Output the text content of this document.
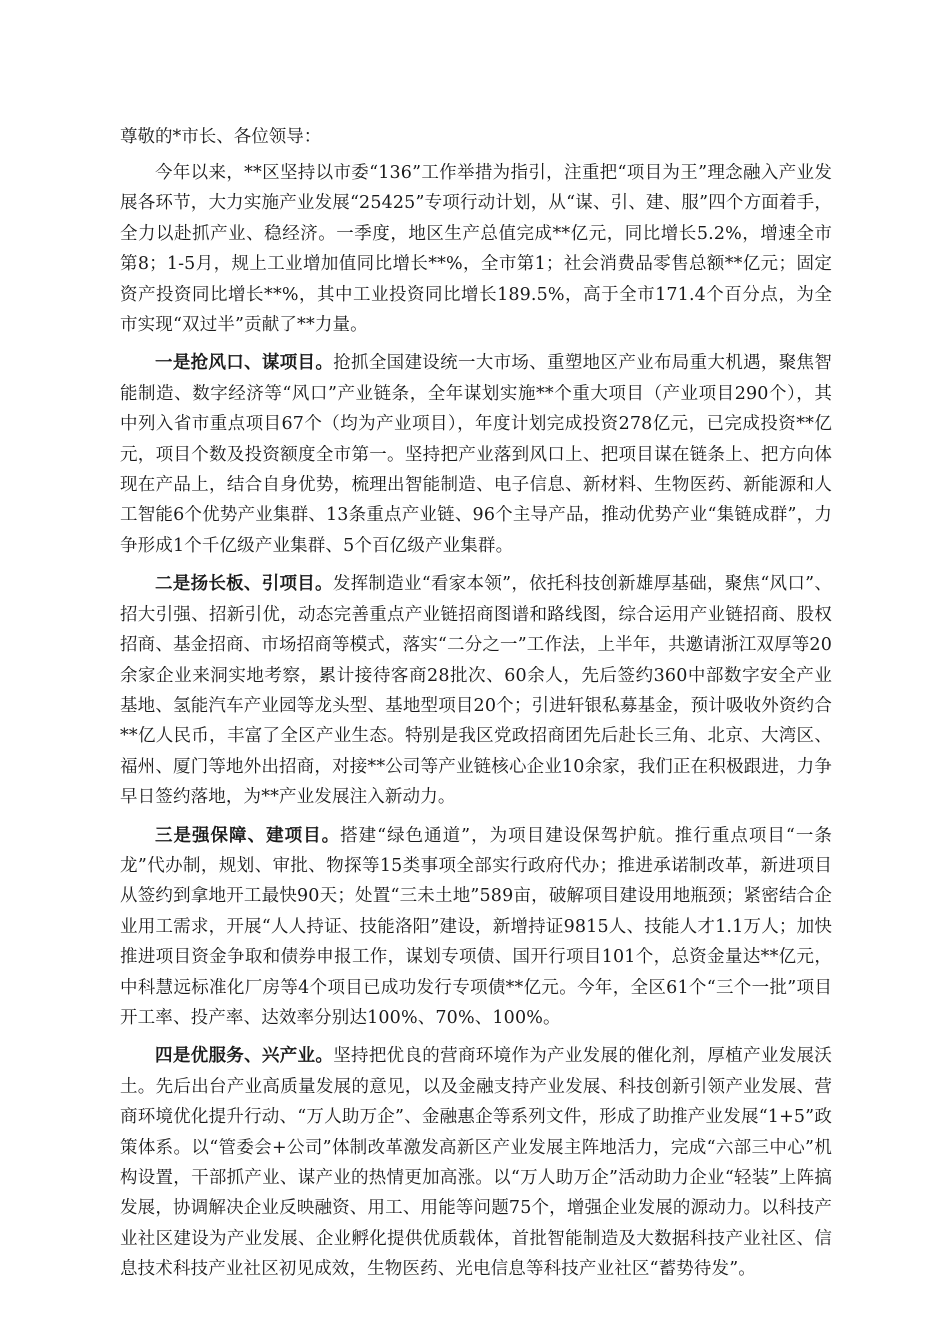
尊敬的*市长、各位领导：

今年以来，**区坚持以市委“136”工作举措为指引，注重把“项目为王”理念融入产业发展各环节，大力实施产业发展“25425”专项行动计划，从“谋、引、建、服”四个方面着手，全力以赴抓产业、稳经济。一季度，地区生产总值完成**亿元，同比增长5.2%，增速全市第8；1-5月，规上工业增加值同比增长**%，全市第1；社会消费品零售总额**亿元；固定资产投资同比增长**%，其中工业投资同比增长189.5%，高于全市171.4个百分点，为全市实现“双过半”贡献了**力量。

一是抢风口、谋项目。抢抓全国建设统一大市场、重塑地区产业布局重大机遇，聚焦智能制造、数字经济等“风口”产业链条，全年谋划实施**个重大项目（产业项目290个），其中列入省市重点项目67个（均为产业项目），年度计划完成投资278亿元，已完成投资**亿元，项目个数及投资额度全市第一。坚持把产业落到风口上、把项目谋在链条上、把方向体现在产品上，结合自身优势，梳理出智能制造、电子信息、新材料、生物医药、新能源和人工智能6个优势产业集群、13条重点产业链、96个主导产品，推动优势产业“集链成群”，力争形成1个千亿级产业集群、5个百亿级产业集群。

二是扬长板、引项目。发挥制造业“看家本领”，依托科技创新雄厚基础，聚焦“风口”、招大引强、招新引优，动态完善重点产业链招商图谱和路线图，综合运用产业链招商、股权招商、基金招商、市场招商等模式，落实“二分之一”工作法，上半年，共邀请浙江双厚等20余家企业来洞实地考察，累计接待客商28批次、60余人，先后签约360中部数字安全产业基地、氢能汽车产业园等龙头型、基地型项目20个；引进轩银私募基金，预计吸收外资约合**亿人民币，丰富了全区产业生态。特别是我区党政招商团先后赴长三角、北京、大湾区、福州、厦门等地外出招商，对接**公司等产业链核心企业10余家，我们正在积极跟进，力争早日签约落地，为**产业发展注入新动力。

三是强保障、建项目。搭建“绿色通道”，为项目建设保驾护航。推行重点项目“一条龙”代办制，规划、审批、物探等15类事项全部实行政府代办；推进承诺制改革，新进项目从签约到拿地开工最快90天；处置“三未土地”589亩，破解项目建设用地瓶颈；紧密结合企业用工需求，开展“人人持证、技能洛阳”建设，新增持证9815人、技能人才1.1万人；加快推进项目资金争取和债券申报工作，谋划专项债、国开行项目101个，总资金量达**亿元，中科慧远标准化厂房等4个项目已成功发行专项债**亿元。今年，全区61个“三个一批”项目开工率、投产率、达效率分别达100%、70%、100%。

四是优服务、兴产业。坚持把优良的营商环境作为产业发展的催化剂，厚植产业发展沃土。先后出台产业高质量发展的意见，以及金融支持产业发展、科技创新引领产业发展、营商环境优化提升行动、“万人助万企”、金融惠企等系列文件，形成了助推产业发展“1+5”政策体系。以“管委会+公司”体制改革激发高新区产业发展主阵地活力，完成“六部三中心”机构设置，干部抓产业、谋产业的热情更加高涨。以“万人助万企”活动助力企业“轻装”上阵搞发展，协调解决企业反映融资、用工、用能等问题75个，增强企业发展的源动力。以科技产业社区建设为产业发展、企业孵化提供优质载体，首批智能制造及大数据科技产业社区、信息技术科技产业社区初见成效，生物医药、光电信息等科技产业社区“蓄势待发”。
